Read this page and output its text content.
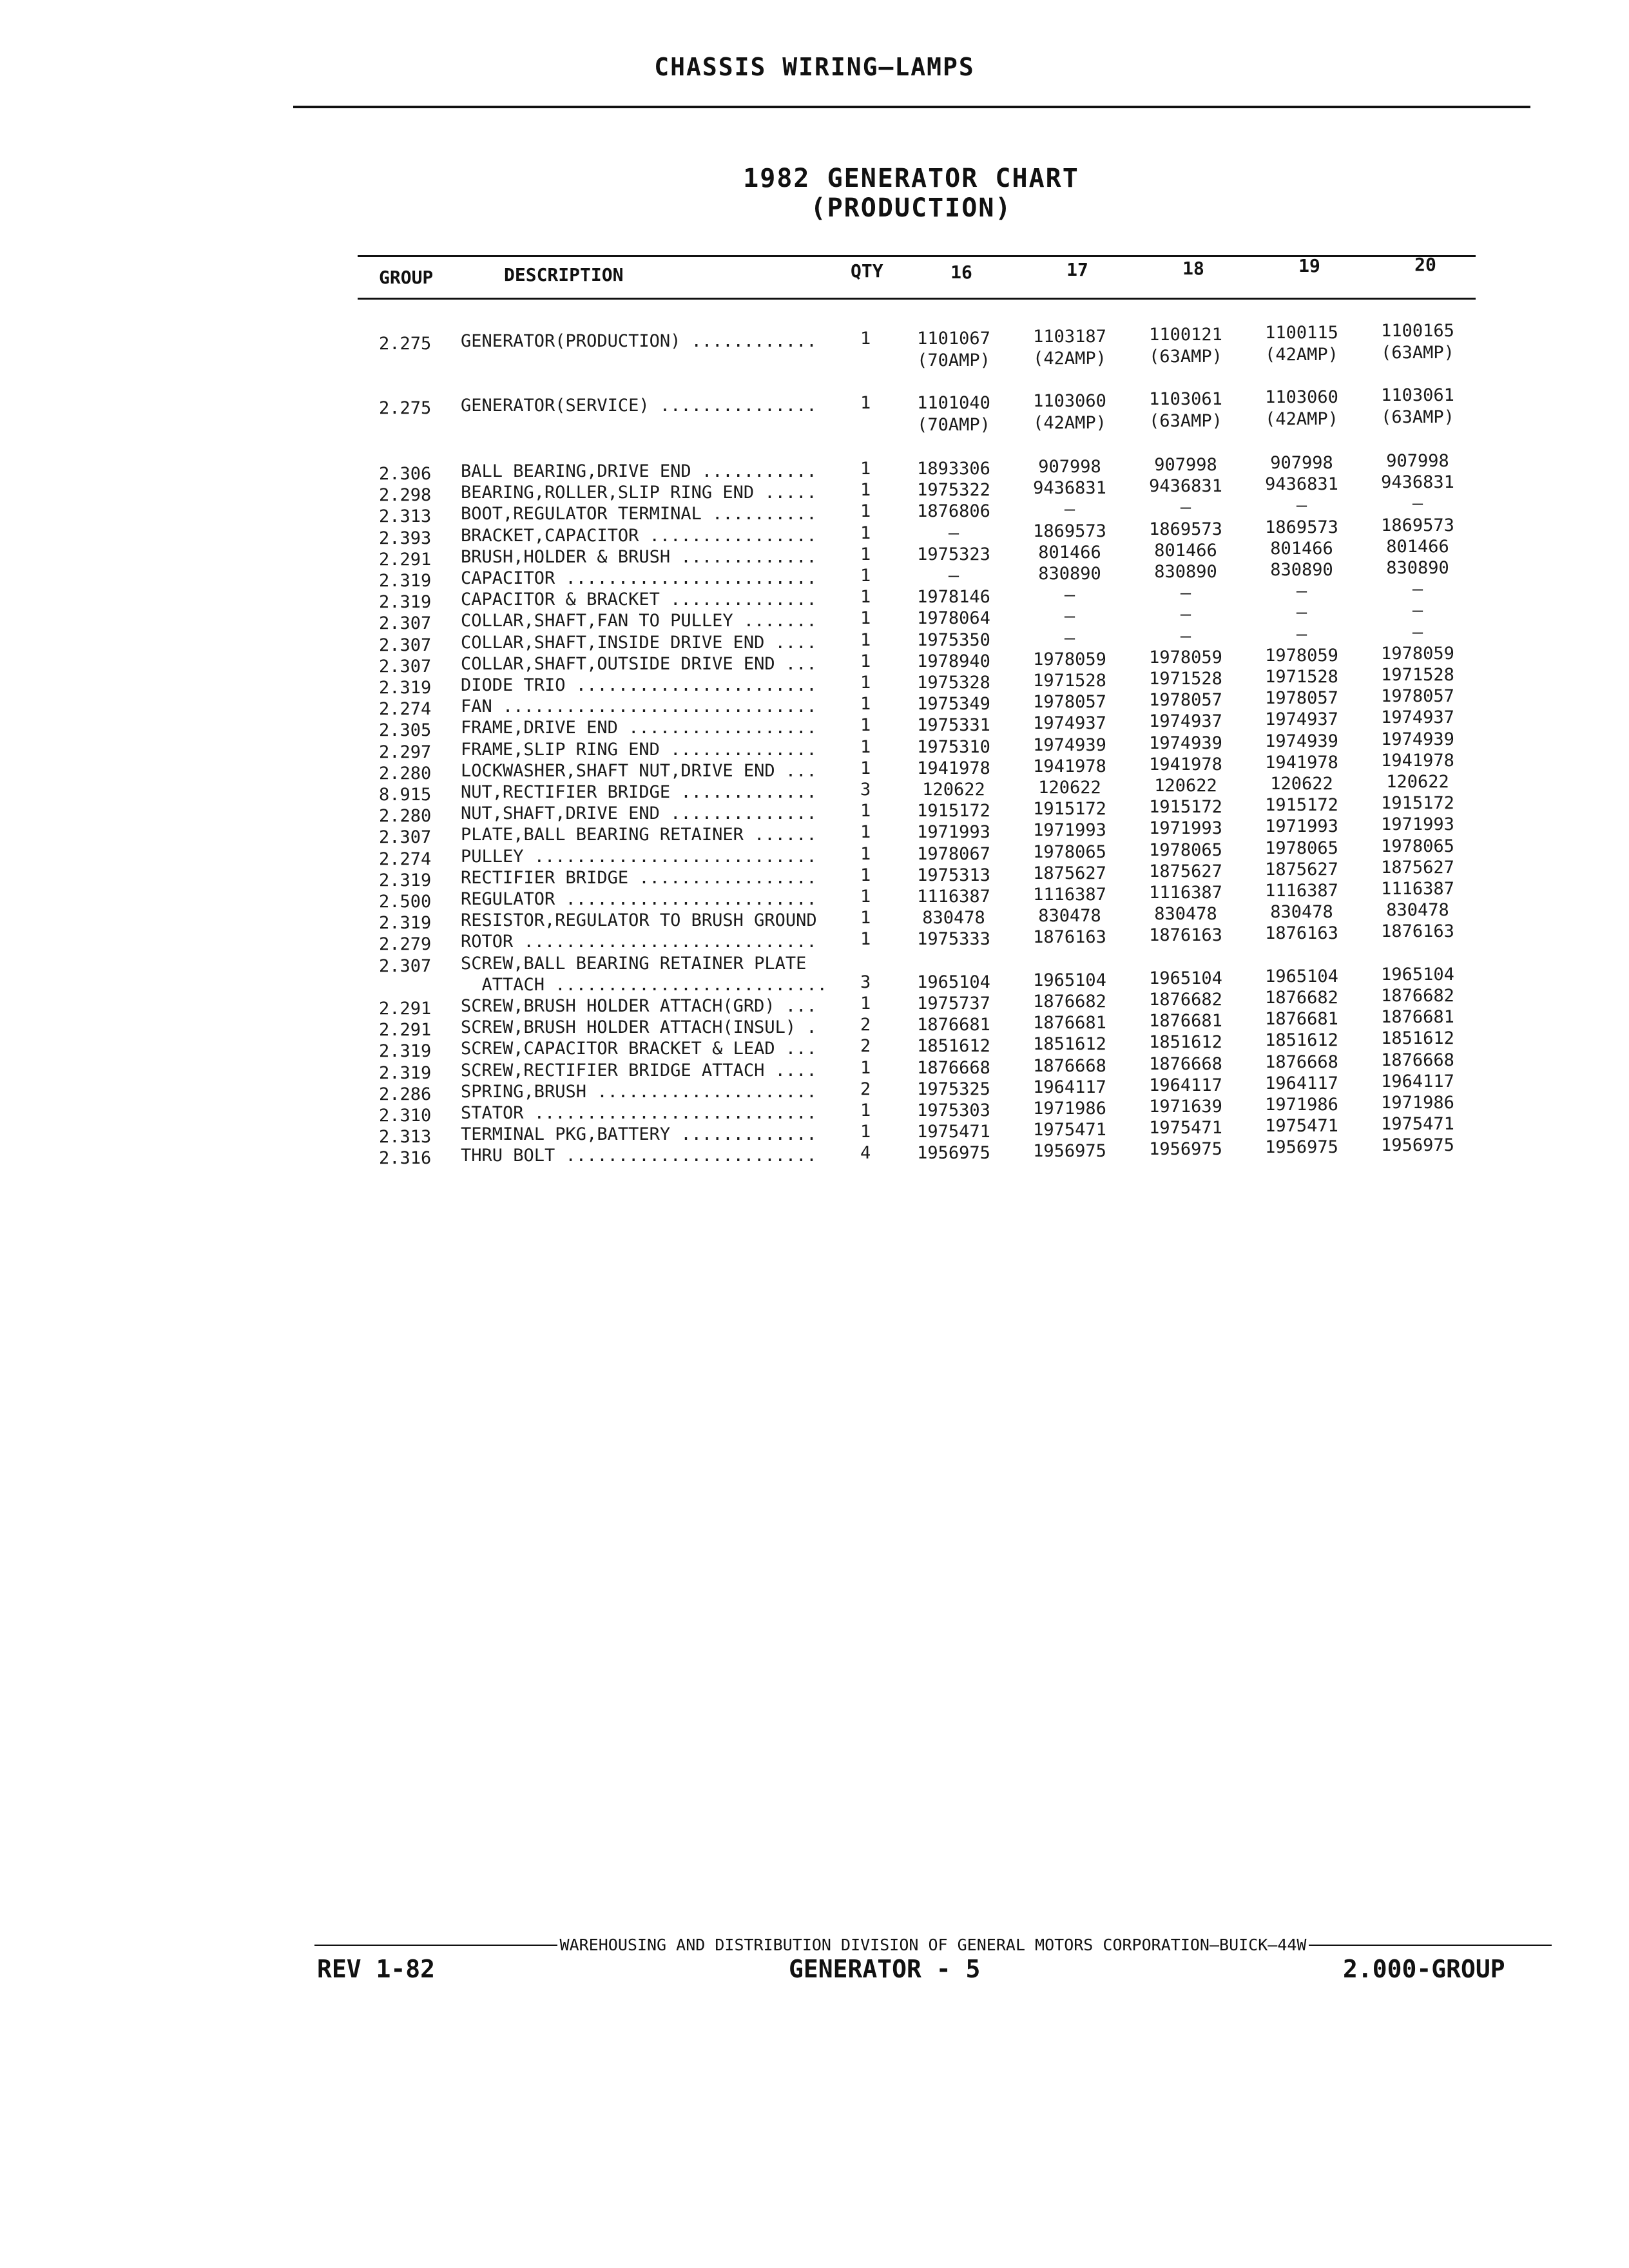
CHASSIS WIRING—LAMPS
1982 GENERATOR CHART
(PRODUCTION)
GROUP	DESCRIPTION	QTY	16	17	18	19	20
2.275 GENERATOR(PRODUCTION) ............ 1	1101067	1103187	1100121	1100115	1100165
(70AMP)	(42AMP)	(63AMP)	(42AMP)	(63AMP)
2.275 GENERATOR(SERVICE) ............... 1	1101040	1103060	1103061	1103060	1103061
(70AMP)	(42AMP)	(63AMP)	(42AMP)	(63AMP)
2.306 BALL BEARING,DRIVE END ........... 1	1893306	907998	907998	907998	907998
2.298 BEARING,ROLLER,SLIP RING END ..... 1	1975322	9436831	9436831	9436831	9436831
2.313 BOOT,REGULATOR TERMINAL .......... 1	1876806	—	—	—	—
2.393 BRACKET,CAPACITOR ................ 1	—	1869573	1869573	1869573	1869573
2.291 BRUSH,HOLDER & BRUSH ............. 1	1975323	801466	801466	801466	801466
2.319 CAPACITOR ........................ 1	—	830890	830890	830890	830890
2.319 CAPACITOR & BRACKET .............. 1	1978146	—	—	—	—
2.307 COLLAR,SHAFT,FAN TO PULLEY ....... 1	1978064	—	—	—	—
2.307 COLLAR,SHAFT,INSIDE DRIVE END .... 1	1975350	—	—	—	—
2.307 COLLAR,SHAFT,OUTSIDE DRIVE END ... 1	1978940	1978059	1978059	1978059	1978059
2.319 DIODE TRIO ....................... 1	1975328	1971528	1971528	1971528	1971528
2.274 FAN .............................. 1	1975349	1978057	1978057	1978057	1978057
2.305 FRAME,DRIVE END .................. 1	1975331	1974937	1974937	1974937	1974937
2.297 FRAME,SLIP RING END .............. 1	1975310	1974939	1974939	1974939	1974939
2.280 LOCKWASHER,SHAFT NUT,DRIVE END ... 1	1941978	1941978	1941978	1941978	1941978
8.915 NUT,RECTIFIER BRIDGE ............. 3	120622	120622	120622	120622	120622
2.280 NUT,SHAFT,DRIVE END .............. 1	1915172	1915172	1915172	1915172	1915172
2.307 PLATE,BALL BEARING RETAINER ...... 1	1971993	1971993	1971993	1971993	1971993
2.274 PULLEY ........................... 1	1978067	1978065	1978065	1978065	1978065
2.319 RECTIFIER BRIDGE ................. 1	1975313	1875627	1875627	1875627	1875627
2.500 REGULATOR ........................ 1	1116387	1116387	1116387	1116387	1116387
2.319 RESISTOR,REGULATOR TO BRUSH GROUND 1	830478	830478	830478	830478	830478
2.279 ROTOR ............................ 1	1975333	1876163	1876163	1876163	1876163
2.307 SCREW,BALL BEARING RETAINER PLATE
ATTACH .......................... 3	1965104	1965104	1965104	1965104	1965104
2.291 SCREW,BRUSH HOLDER ATTACH(GRD) ... 1	1975737	1876682	1876682	1876682	1876682
2.291 SCREW,BRUSH HOLDER ATTACH(INSUL) . 2	1876681	1876681	1876681	1876681	1876681
2.319 SCREW,CAPACITOR BRACKET & LEAD ... 2	1851612	1851612	1851612	1851612	1851612
2.319 SCREW,RECTIFIER BRIDGE ATTACH .... 1	1876668	1876668	1876668	1876668	1876668
2.286 SPRING,BRUSH ..................... 2	1975325	1964117	1964117	1964117	1964117
2.310 STATOR ........................... 1	1975303	1971986	1971639	1971986	1971986
2.313 TERMINAL PKG,BATTERY ............. 1	1975471	1975471	1975471	1975471	1975471
2.316 THRU BOLT ........................ 4	1956975	1956975	1956975	1956975	1956975
WAREHOUSING AND DISTRIBUTION DIVISION OF GENERAL MOTORS CORPORATION—BUICK—44W
REV 1-82	GENERATOR - 5	2.000-GROUP
